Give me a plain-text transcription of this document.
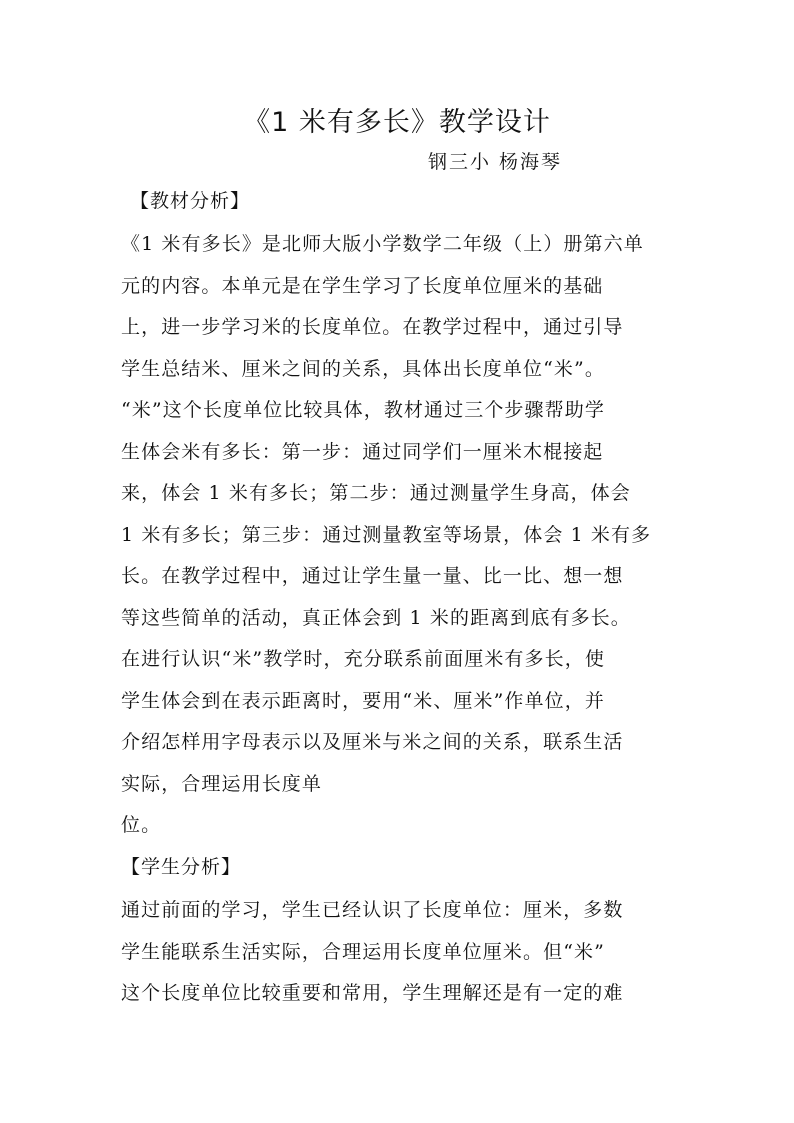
《1 米有多长》教学设计
钢三小 杨海琴
【教材分析】
《1 米有多长》是北师大版小学数学二年级（上）册第六单
元的内容。本单元是在学生学习了长度单位厘米的基础
上，进一步学习米的长度单位。在教学过程中，通过引导
学生总结米、厘米之间的关系，具体出长度单位“米”。
“米”这个长度单位比较具体，教材通过三个步骤帮助学
生体会米有多长：第一步：通过同学们一厘米木棍接起
来，体会 1 米有多长；第二步：通过测量学生身高，体会
1 米有多长；第三步：通过测量教室等场景，体会 1 米有多
长。在教学过程中，通过让学生量一量、比一比、想一想
等这些简单的活动，真正体会到 1 米的距离到底有多长。
在进行认识“米”教学时，充分联系前面厘米有多长，使
学生体会到在表示距离时，要用“米、厘米”作单位，并
介绍怎样用字母表示以及厘米与米之间的关系，联系生活
实际，合理运用长度单
位。
【学生分析】
通过前面的学习，学生已经认识了长度单位：厘米，多数
学生能联系生活实际，合理运用长度单位厘米。但“米”
这个长度单位比较重要和常用，学生理解还是有一定的难
